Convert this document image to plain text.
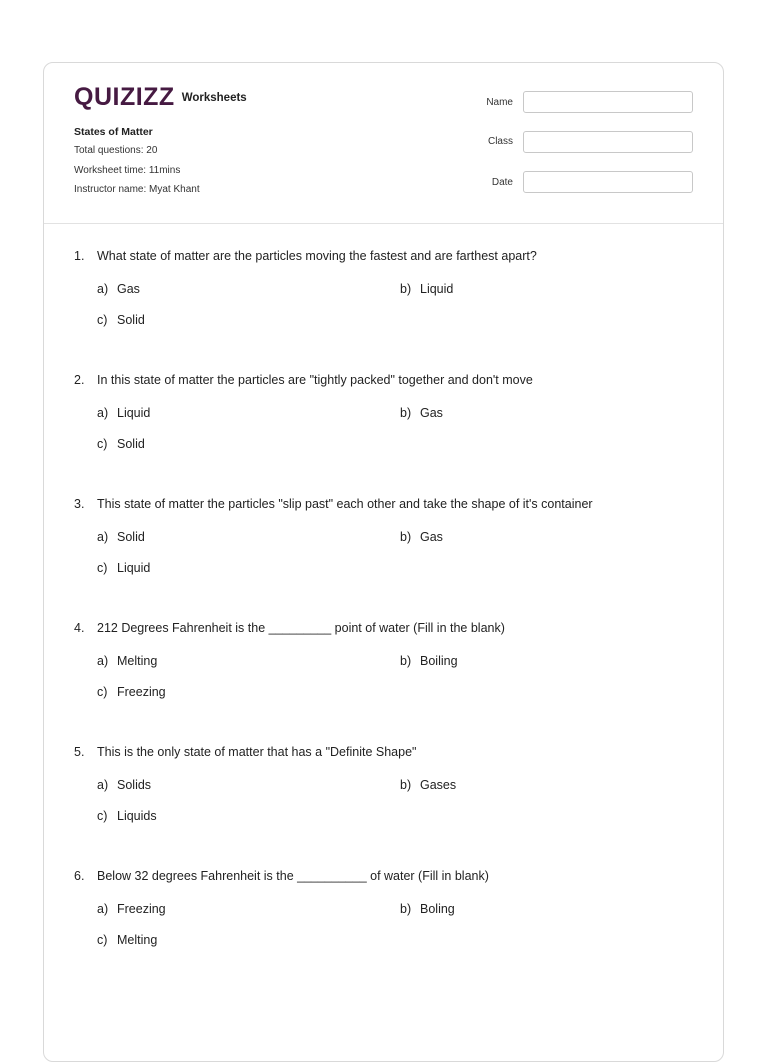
QUIZIZZ Worksheets
States of Matter
Total questions: 20
Worksheet time: 11mins
Instructor name: Myat Khant
Name
Class
Date
1.	What state of matter are the particles moving the fastest and are farthest apart?
a) Gas	b) Liquid
c) Solid
2.	In this state of matter the particles are "tightly packed" together and don't move
a) Liquid	b) Gas
c) Solid
3.	This state of matter the particles "slip past" each other and take the shape of it's container
a) Solid	b) Gas
c) Liquid
4.	212 Degrees Fahrenheit is the _________ point of water (Fill in the blank)
a) Melting	b) Boiling
c) Freezing
5.	This is the only state of matter that has a "Definite Shape"
a) Solids	b) Gases
c) Liquids
6.	Below 32 degrees Fahrenheit is the __________ of water (Fill in blank)
a) Freezing	b) Boling
c) Melting
